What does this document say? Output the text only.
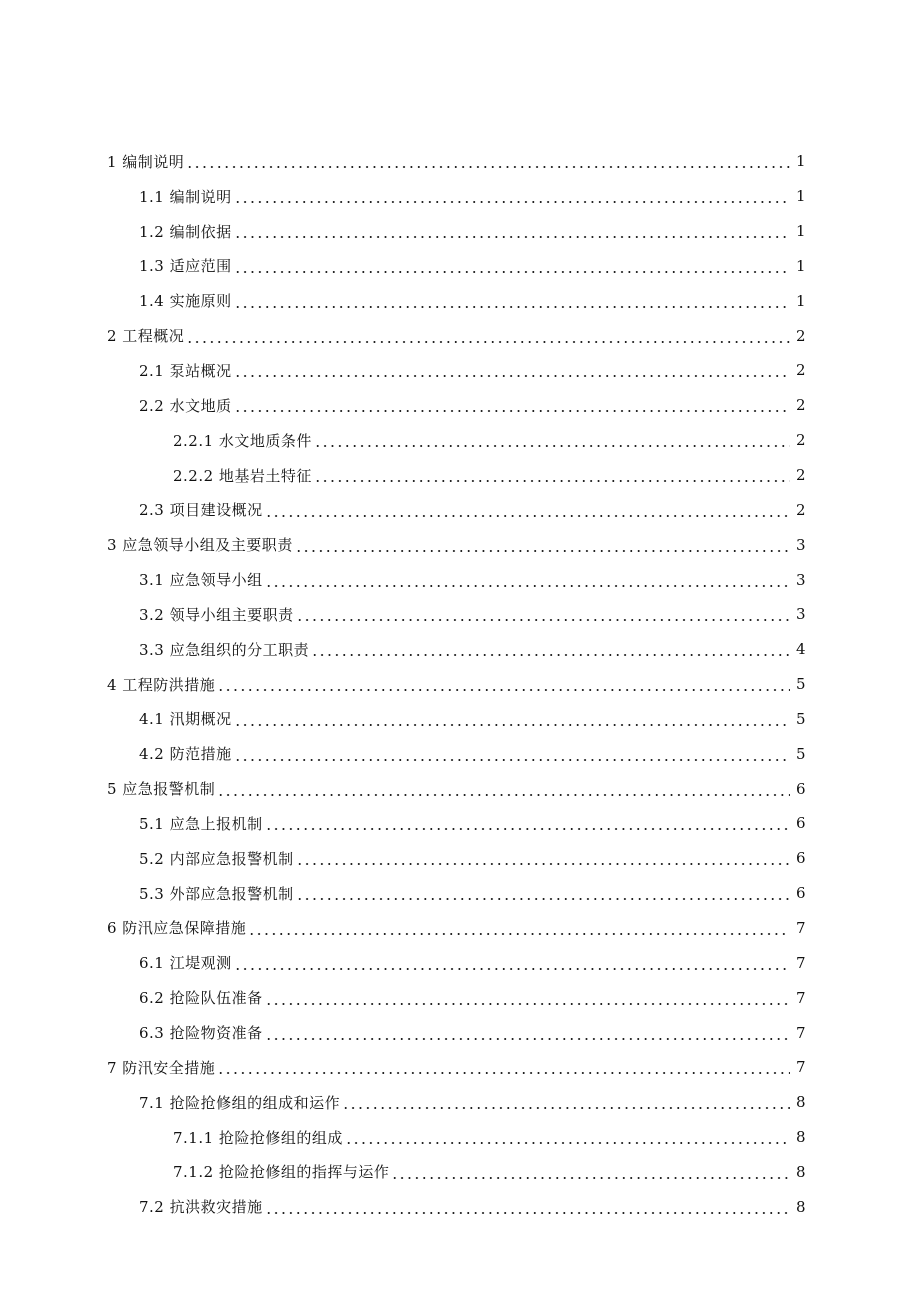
1 编制说明	1
1.1 编制说明	1
1.2 编制依据	1
1.3 适应范围	1
1.4 实施原则	1
2 工程概况	2
2.1 泵站概况	2
2.2 水文地质	2
2.2.1 水文地质条件	2
2.2.2 地基岩土特征	2
2.3 项目建设概况	2
3 应急领导小组及主要职责	3
3.1 应急领导小组	3
3.2 领导小组主要职责	3
3.3 应急组织的分工职责	4
4 工程防洪措施	5
4.1 汛期概况	5
4.2 防范措施	5
5 应急报警机制	6
5.1 应急上报机制	6
5.2 内部应急报警机制	6
5.3 外部应急报警机制	6
6 防汛应急保障措施	7
6.1 江堤观测	7
6.2 抢险队伍准备	7
6.3 抢险物资准备	7
7 防汛安全措施	7
7.1 抢险抢修组的组成和运作	8
7.1.1 抢险抢修组的组成	8
7.1.2 抢险抢修组的指挥与运作	8
7.2 抗洪救灾措施	8
